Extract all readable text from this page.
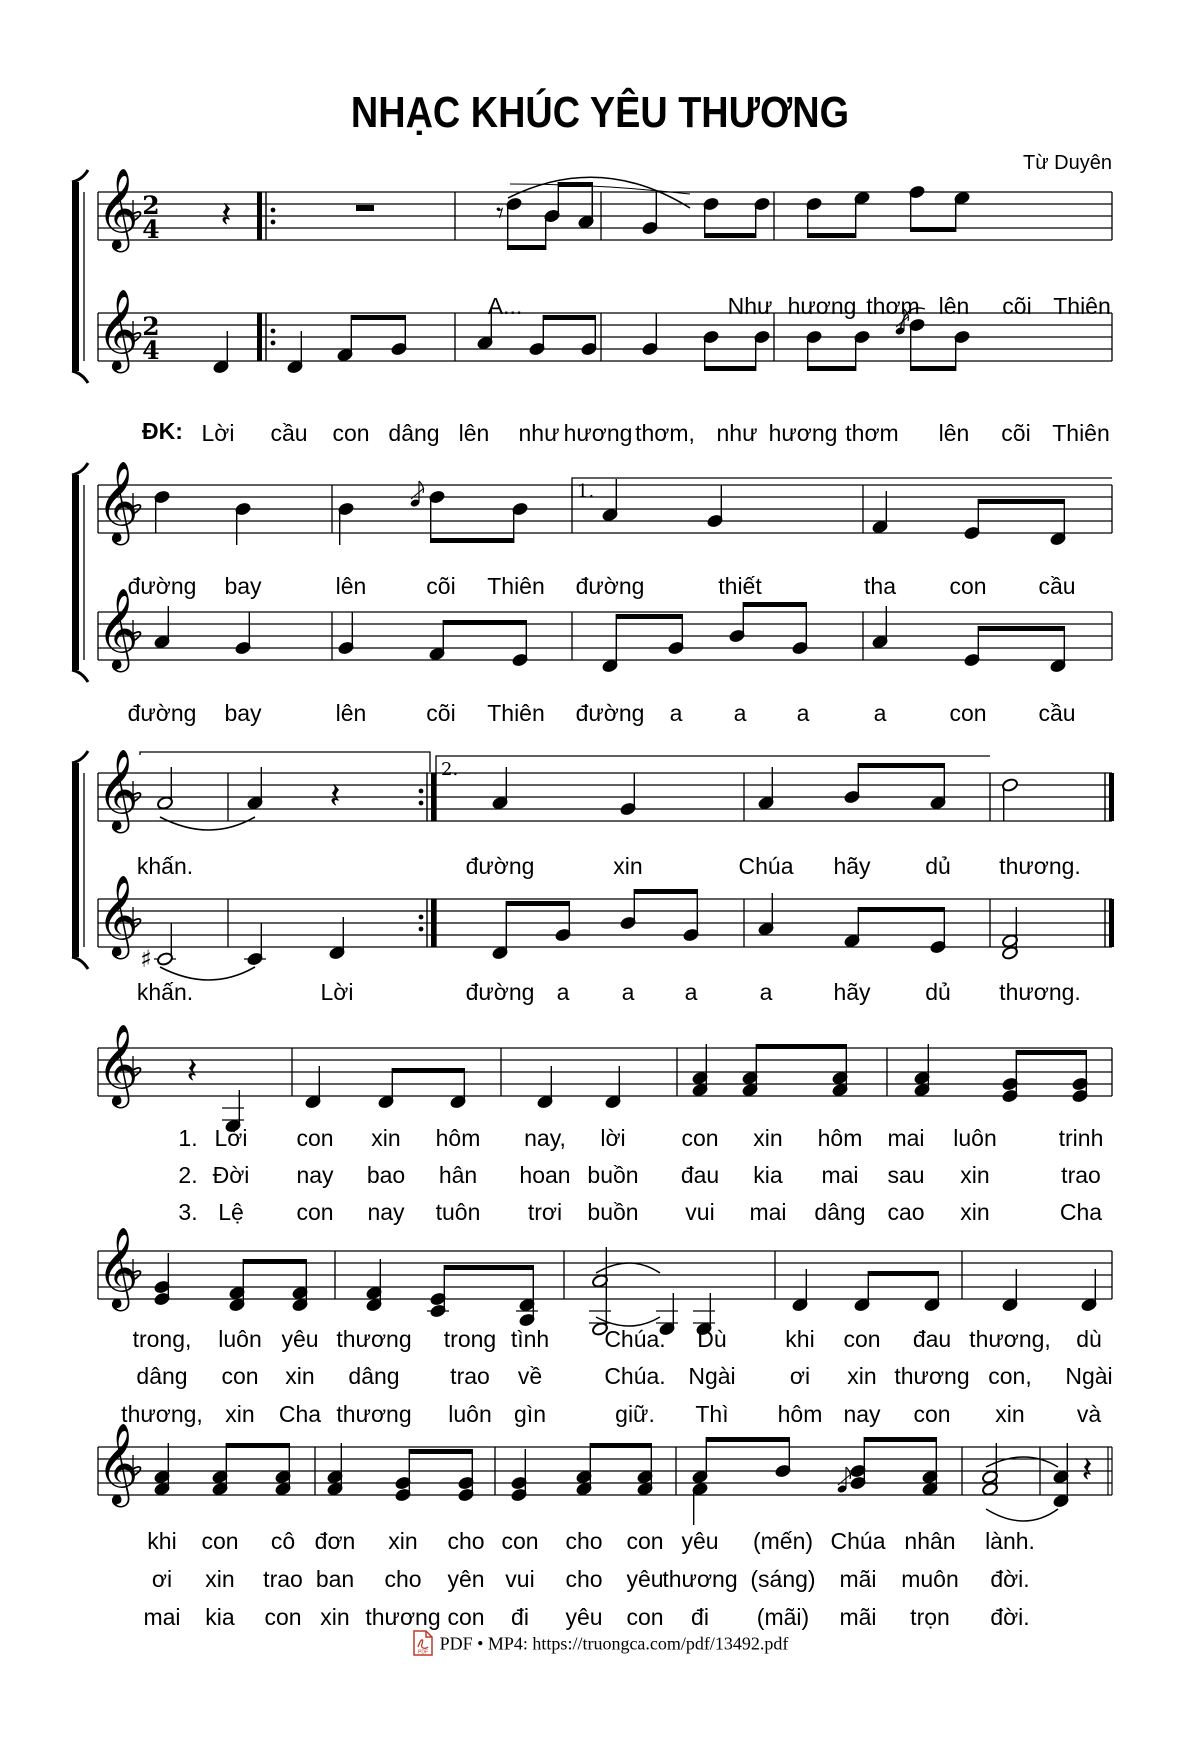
𝄞 2
4
𝄞 2
4
𝄽	𝄾
𝄞
𝄞
1.
𝄞
𝄞
2.
𝄽
♯
𝄞 𝄽
𝄞
𝄞	𝄽
NHẠC KHÚC YÊU THƯƠNG
Từ Duyên
ĐK:
A...	Như hương thơm lên cõi Thiên
Lời cầu con dâng lên như hương thơm, như hương thơm lên cõi Thiên
đường bay	lên	cõi Thiên đường	thiết	tha con cầu
đường bay	lên	cõi Thiên đường a a a	a	con cầu
khấn.	đường	xin	Chúa hãy dủ thương.
khấn.	Lời	đường a a a	a	hãy dủ thương.
1. Lời con xin hôm nay, lời con xin hôm mai luôn	trinh
2. Đời nay bao hân hoan buồn đau kia mai sau xin	trao
3. Lệ con nay tuôn trơi buồn vui mai dâng cao xin	Cha
trong, luôn yêu thương trong tình Chúa. Dù	khi con đau thương, dù
dâng con xin dâng trao về	Chúa. Ngài ơi xin thương con, Ngài
thương, xin Cha thương luôn gìn	giữ. Thì hôm nay con xin và
khi con cô đơn xin cho con cho con yêu (mến) Chúa nhân lành.
ơi xin trao ban cho yên vui cho yêu
thương (sáng) mãi muôn đời.
mai kia con xin thương con đi yêu con đi (mãi) mãi trọn đời.
PDF PDF • MP4: https://truongca.com/pdf/13492.pdf
